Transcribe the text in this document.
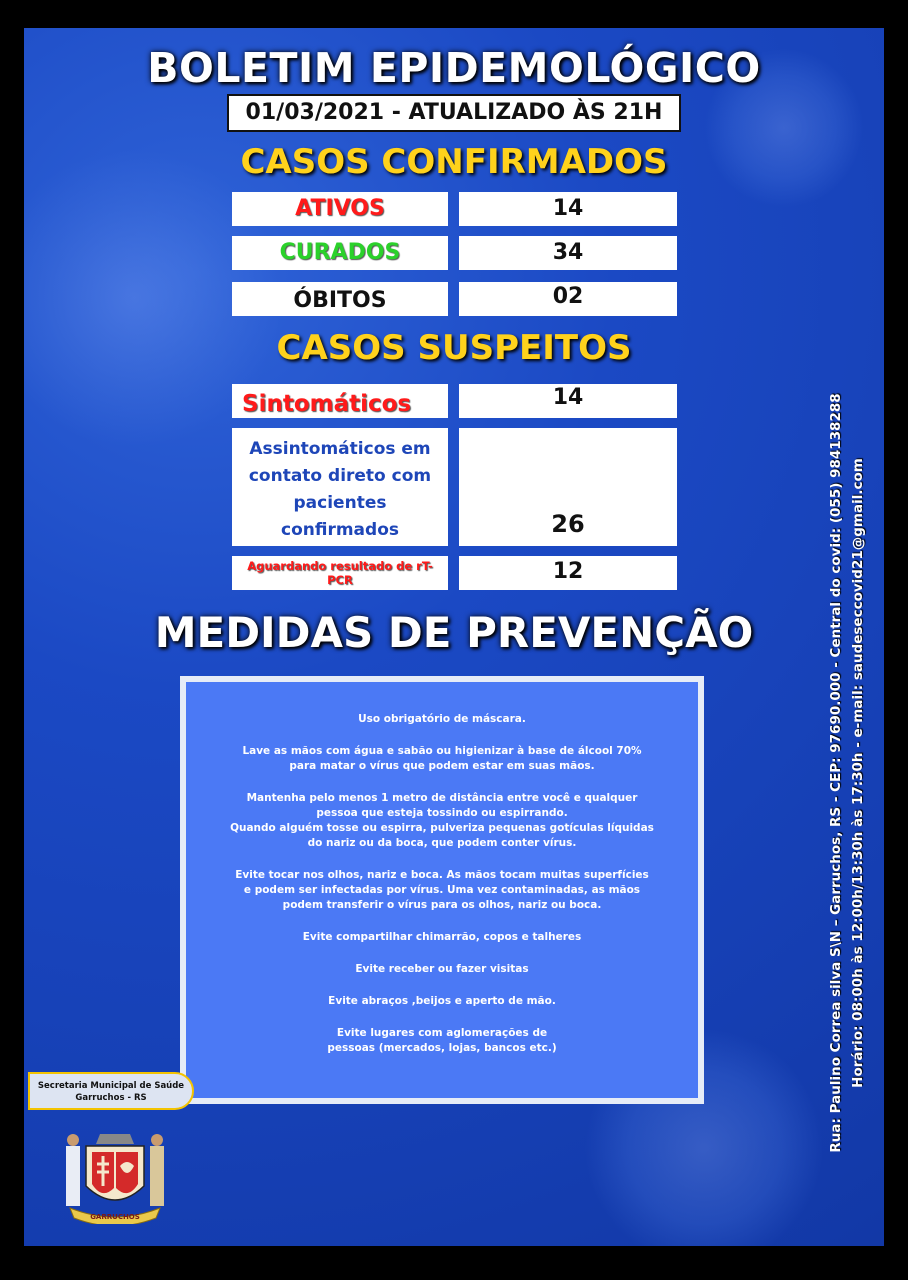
BOLETIM EPIDEMOLÓGICO
01/03/2021 - ATUALIZADO ÀS 21H
CASOS CONFIRMADOS
ATIVOS	14
CURADOS	34
ÓBITOS	02
CASOS SUSPEITOS
Sintomáticos	14
Assintomáticos em contato direto com pacientes confirmados	26
Aguardando resultado de rT-PCR	12
MEDIDAS DE PREVENÇÃO

Uso obrigatório de máscara.

Lave as mãos com água e sabão ou higienizar à base de álcool 70% para matar o vírus que podem estar em suas mãos.

Mantenha pelo menos 1 metro de distância entre você e qualquer pessoa que esteja tossindo ou espirrando.

Quando alguém tosse ou espirra, pulveriza pequenas gotículas líquidas do nariz ou da boca, que podem conter vírus.

Evite tocar nos olhos, nariz e boca. As mãos tocam muitas superfícies e podem ser infectadas por vírus. Uma vez contaminadas, as mãos podem transferir o vírus para os olhos, nariz ou boca.

Evite compartilhar chimarrão, copos e talheres

Evite receber ou fazer visitas

Evite abraços ,beijos e aperto de mão.

Evite lugares com aglomerações de pessoas (mercados, lojas, bancos etc.)	Rua: Paulino Correa silva S\N – Garruchos, RS - CEP: 97690.000 - Central do covid: (055) 984138288 Horário: 08:00h às 12:00h/13:30h às 17:30h - e-mail: saudeseccovid21@gmail.com
Secretaria Municipal de Saúde
Garruchos - RS
GARRUCHOS
